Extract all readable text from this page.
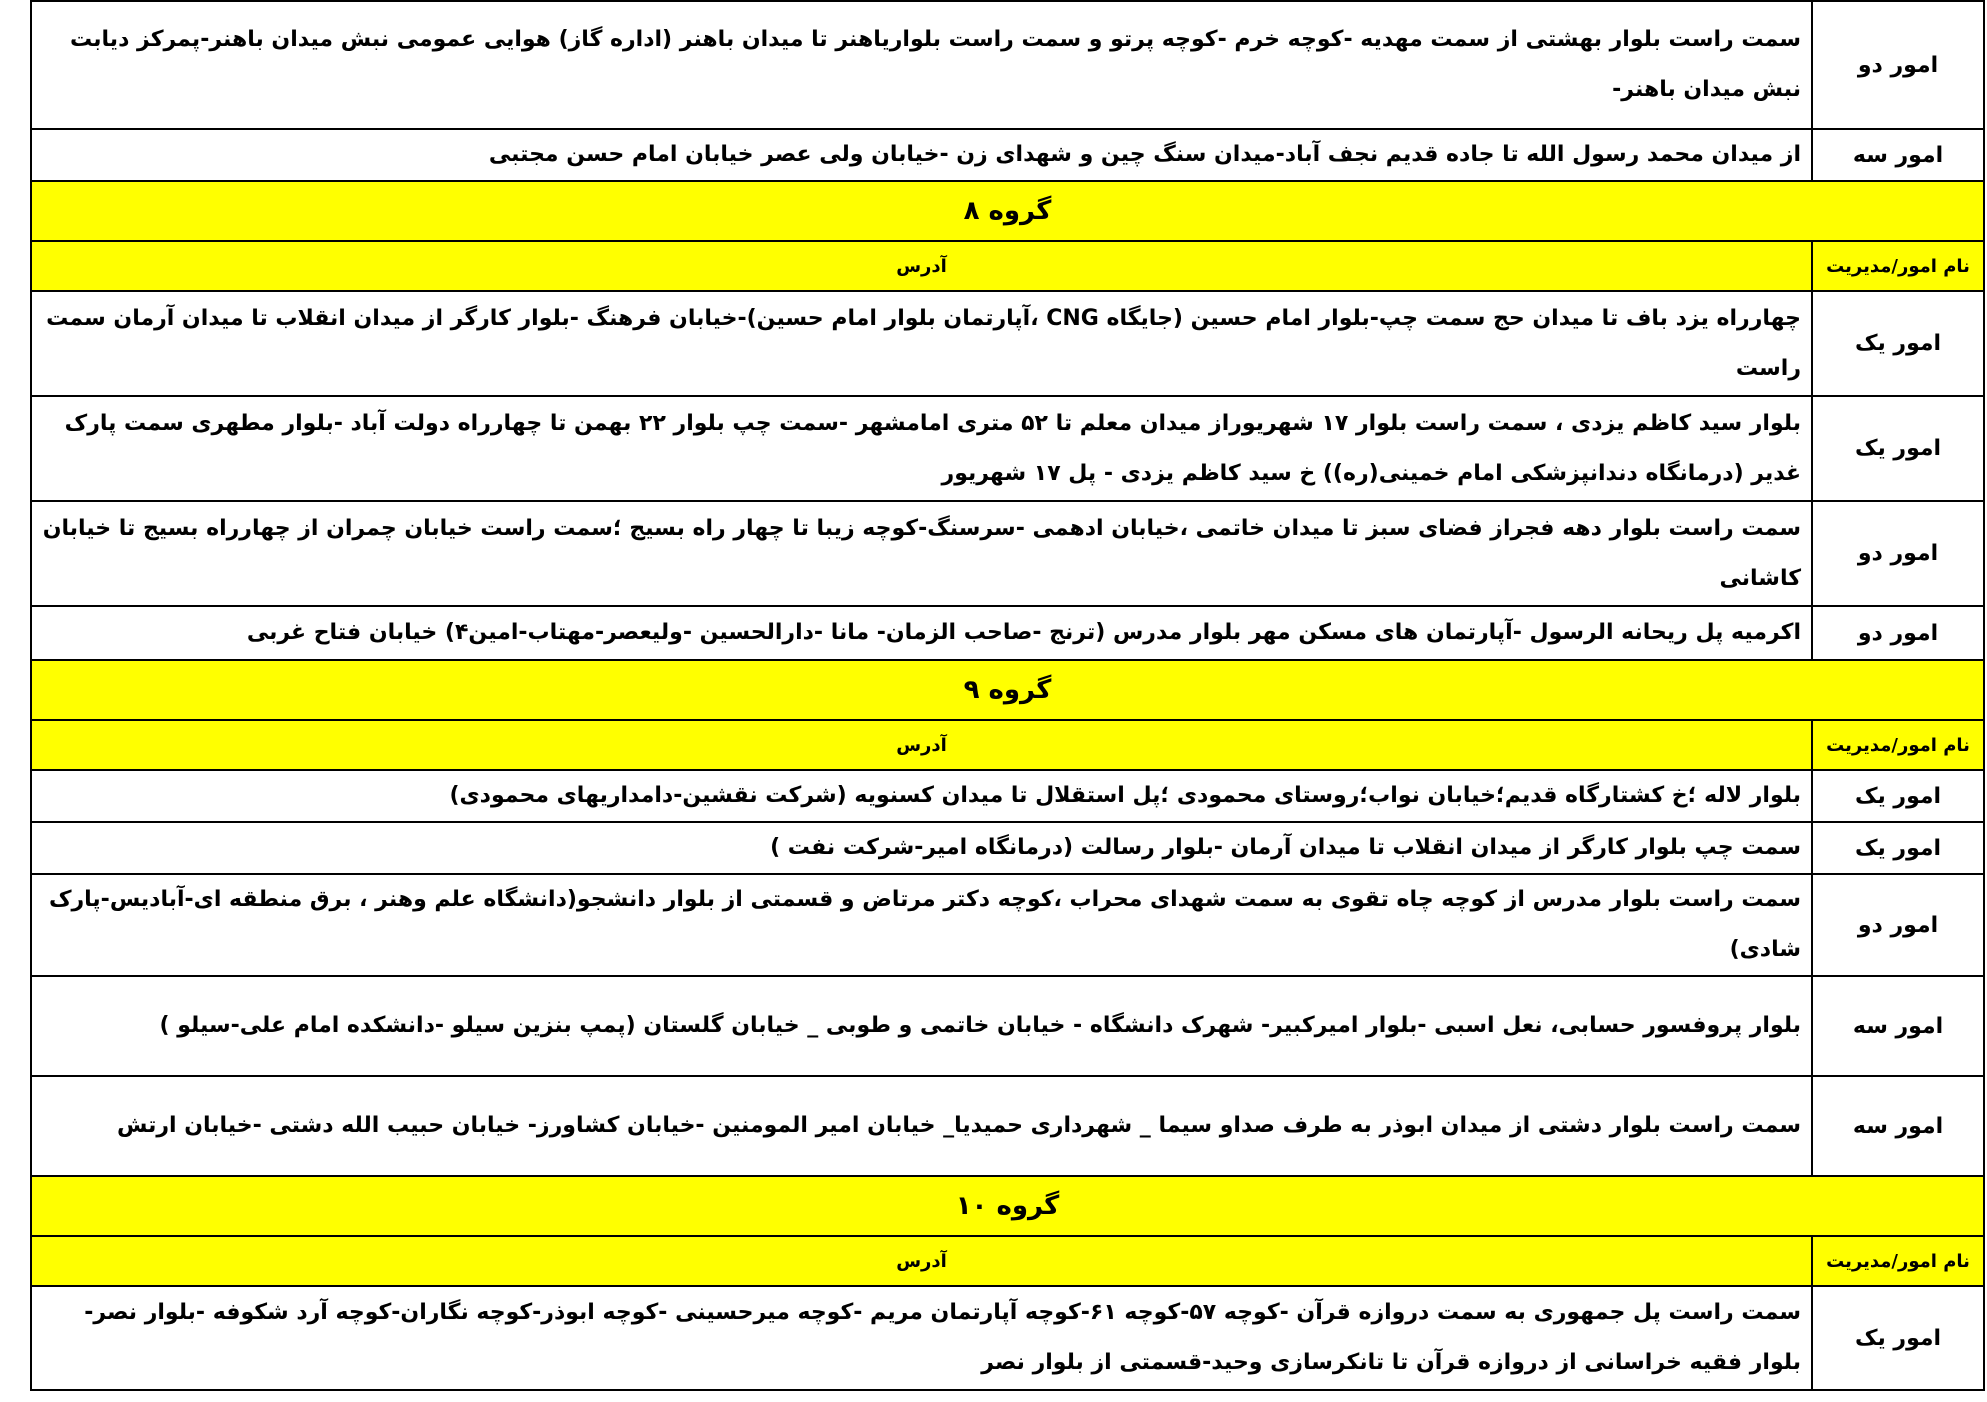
امور دو	سمت راست بلوار بهشتی از سمت مهدیه -کوچه خرم -کوچه پرتو و سمت راست بلواریاهنر تا میدان باهنر (اداره گاز) هوایی عمومی نبش میدان باهنر-پمرکز دیابت نبش میدان باهنر-
امور سه	از میدان محمد رسول الله تا جاده قدیم نجف آباد-میدان سنگ چین و شهدای زن -خیابان ولی عصر خیابان امام حسن مجتبی
گروه ۸	
نام امور/مدیریت	آدرس
امور یک	چهارراه یزد باف تا میدان حج سمت چپ-بلوار امام حسین (جایگاه CNG ،آپارتمان بلوار امام حسین)-خیابان فرهنگ -بلوار کارگر از میدان انقلاب تا میدان آرمان سمت راست
امور یک	بلوار سید کاظم یزدی ، سمت راست بلوار ۱۷ شهریوراز میدان معلم تا ۵۲ متری امامشهر -سمت چپ بلوار ۲۲ بهمن تا چهارراه دولت آباد -بلوار مطهری سمت پارک غدیر (درمانگاه دندانپزشکی امام خمینی(ره)) خ سید کاظم یزدی - پل ۱۷ شهریور
امور دو	سمت راست بلوار دهه فجراز فضای سبز تا میدان خاتمی ،خیابان ادهمی -سرسنگ-کوچه زیبا تا چهار راه بسیج ؛سمت راست خیابان چمران از چهارراه بسیج تا خیابان کاشانی
امور دو	اکرمیه پل ریحانه الرسول -آپارتمان های مسکن مهر بلوار مدرس (ترنج -صاحب الزمان- مانا -دارالحسین -ولیعصر-مهتاب-امین۴) خیابان فتاح غربی
گروه ۹	
نام امور/مدیریت	آدرس
امور یک	بلوار لاله ؛خ کشتارگاه قدیم؛خیابان نواب؛روستای محمودی ؛پل استقلال تا میدان کسنویه (شرکت نقشین-دامداریهای محمودی)
امور یک	سمت چپ بلوار کارگر از میدان انقلاب تا میدان آرمان -بلوار رسالت (درمانگاه امیر-شرکت نفت )
امور دو	سمت راست بلوار مدرس از کوچه چاه تقوی به سمت شهدای محراب ،کوچه دکتر مرتاض و قسمتی از بلوار دانشجو(دانشگاه علم وهنر ، برق منطقه ای-آبادیس-پارک شادی)
امور سه	بلوار پروفسور حسابی، نعل اسبی -بلوار امیرکبیر- شهرک دانشگاه - خیابان خاتمی و طوبی _ خیابان گلستان (پمپ بنزین سیلو -دانشکده امام علی-سیلو )
امور سه	سمت راست بلوار دشتی از میدان ابوذر به طرف صداو سیما _ شهرداری حمیدیا_ خیابان امیر المومنین -خیابان کشاورز- خیابان حبیب الله دشتی -خیابان ارتش
گروه ۱۰	
نام امور/مدیریت	آدرس
امور یک	سمت راست پل جمهوری به سمت دروازه قرآن -کوچه ۵۷-کوچه ۶۱-کوچه آپارتمان مریم -کوچه میرحسینی -کوچه ابوذر-کوچه نگاران-کوچه آرد شکوفه -بلوار نصر-بلوار فقیه خراسانی از دروازه قرآن تا تانکرسازی وحید-قسمتی از بلوار نصر
